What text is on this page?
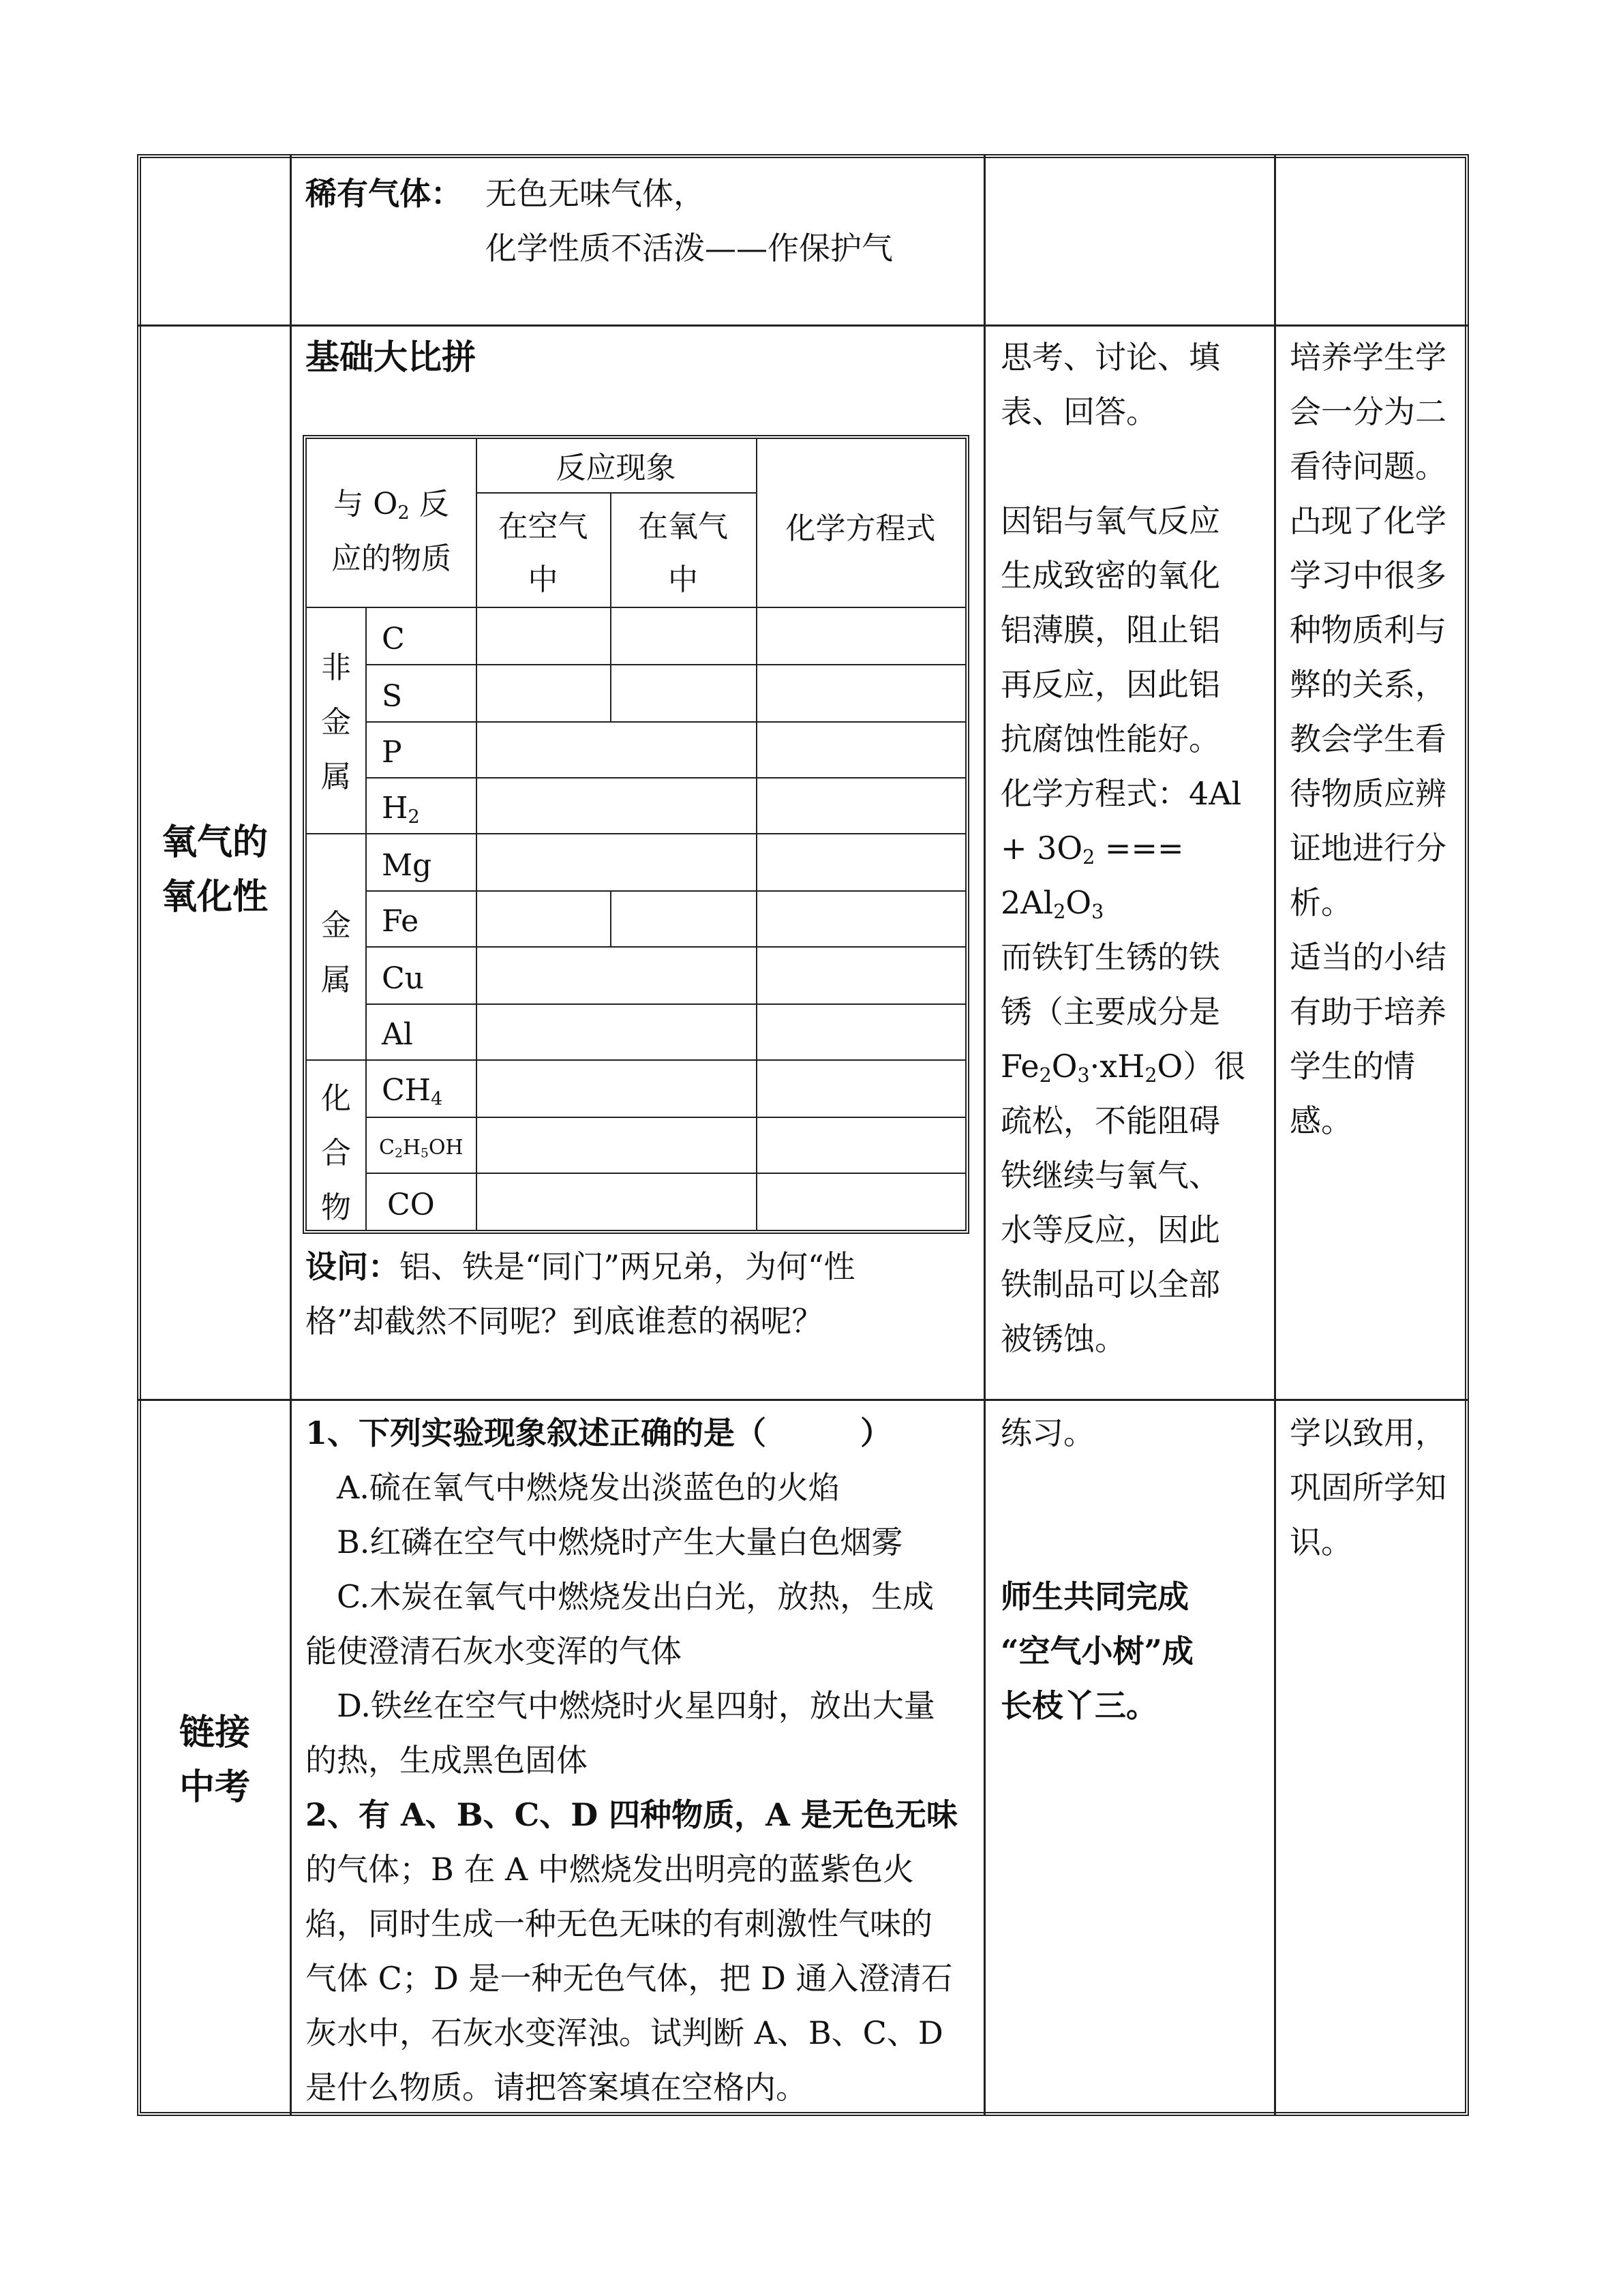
稀有气体： 无色无味气体，
化学性质不活泼——作保护气
氧气的
氧化性
基础大比拼
与 $O_2$ 反
应的物质
反应现象
在空气
中
在氧气
中
化学方程式
非
金
属
金
属
化
合
物
C
S
P
$H_2$
Mg
Fe
Cu
Al
$CH_4$
$C_2H_5OH$
CO
设问：铝、铁是“同门”两兄弟，为何“性
格”却截然不同呢？到底谁惹的祸呢？
思考、讨论、填
表、回答。
因铝与氧气反应
生成致密的氧化
铝薄膜，阻止铝
再反应，因此铝
抗腐蚀性能好。
化学方程式：4Al
+ $3O_2$ === $2Al_2O_3$
而铁钉生锈的铁
锈（主要成分是
$Fe_2O_3\cdot xH_2O$）很
疏松，不能阻碍
铁继续与氧气、
水等反应，因此
铁制品可以全部
被锈蚀。
培养学生学
会一分为二
看待问题。
凸现了化学
学习中很多
种物质利与
弊的关系，
教会学生看
待物质应辨
证地进行分
析。
适当的小结
有助于培养
学生的情
感。
链接
中考
1、下列实验现象叙述正确的是（　　　）
A.硫在氧气中燃烧发出淡蓝色的火焰
B.红磷在空气中燃烧时产生大量白色烟雾
C.木炭在氧气中燃烧发出白光，放热，生成
能使澄清石灰水变浑的气体
D.铁丝在空气中燃烧时火星四射，放出大量
的热，生成黑色固体
2、有 A、B、C、D 四种物质，A 是无色无味
的气体；B 在 A 中燃烧发出明亮的蓝紫色火
焰，同时生成一种无色无味的有刺激性气味的
气体 C；D 是一种无色气体，把 D 通入澄清石
灰水中，石灰水变浑浊。试判断 A、B、C、D
是什么物质。请把答案填在空格内。
练习。
师生共同完成
“空气小树”成
长枝丫三。
学以致用，
巩固所学知
识。
